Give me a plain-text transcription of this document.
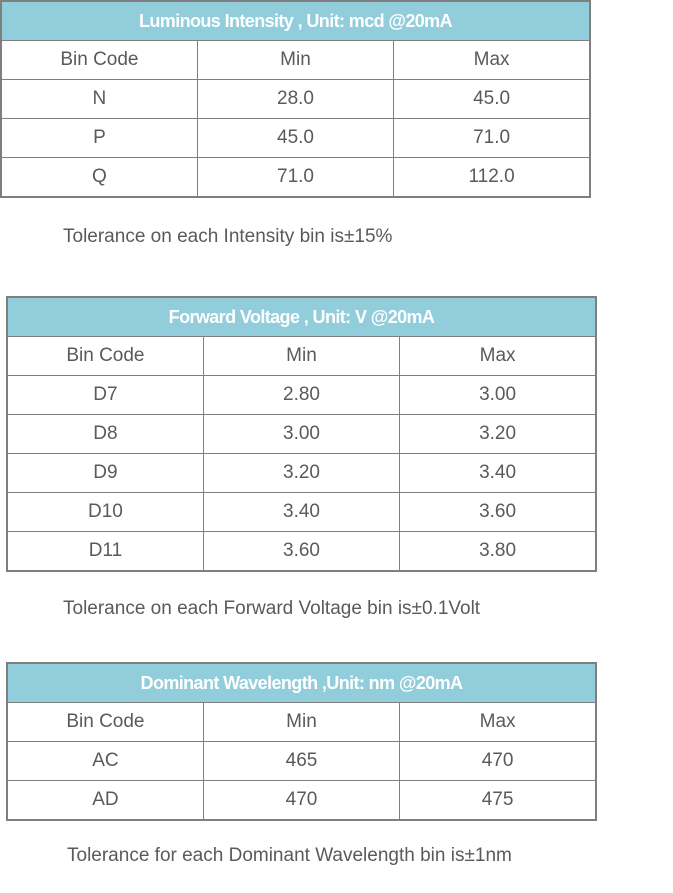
Luminous Intensity , Unit: mcd @20mA		
Bin Code	Min	Max
N	28.0	45.0
P	45.0	71.0
Q	71.0	112.0
Tolerance on each Intensity bin is±15%
Forward Voltage , Unit: V @20mA		
Bin Code	Min	Max
D7	2.80	3.00
D8	3.00	3.20
D9	3.20	3.40
D10	3.40	3.60
D11	3.60	3.80
Tolerance on each Forward Voltage bin is±0.1Volt
Dominant Wavelength ,Unit: nm @20mA		
Bin Code	Min	Max
AC	465	470
AD	470	475
Tolerance for each Dominant Wavelength bin is±1nm
